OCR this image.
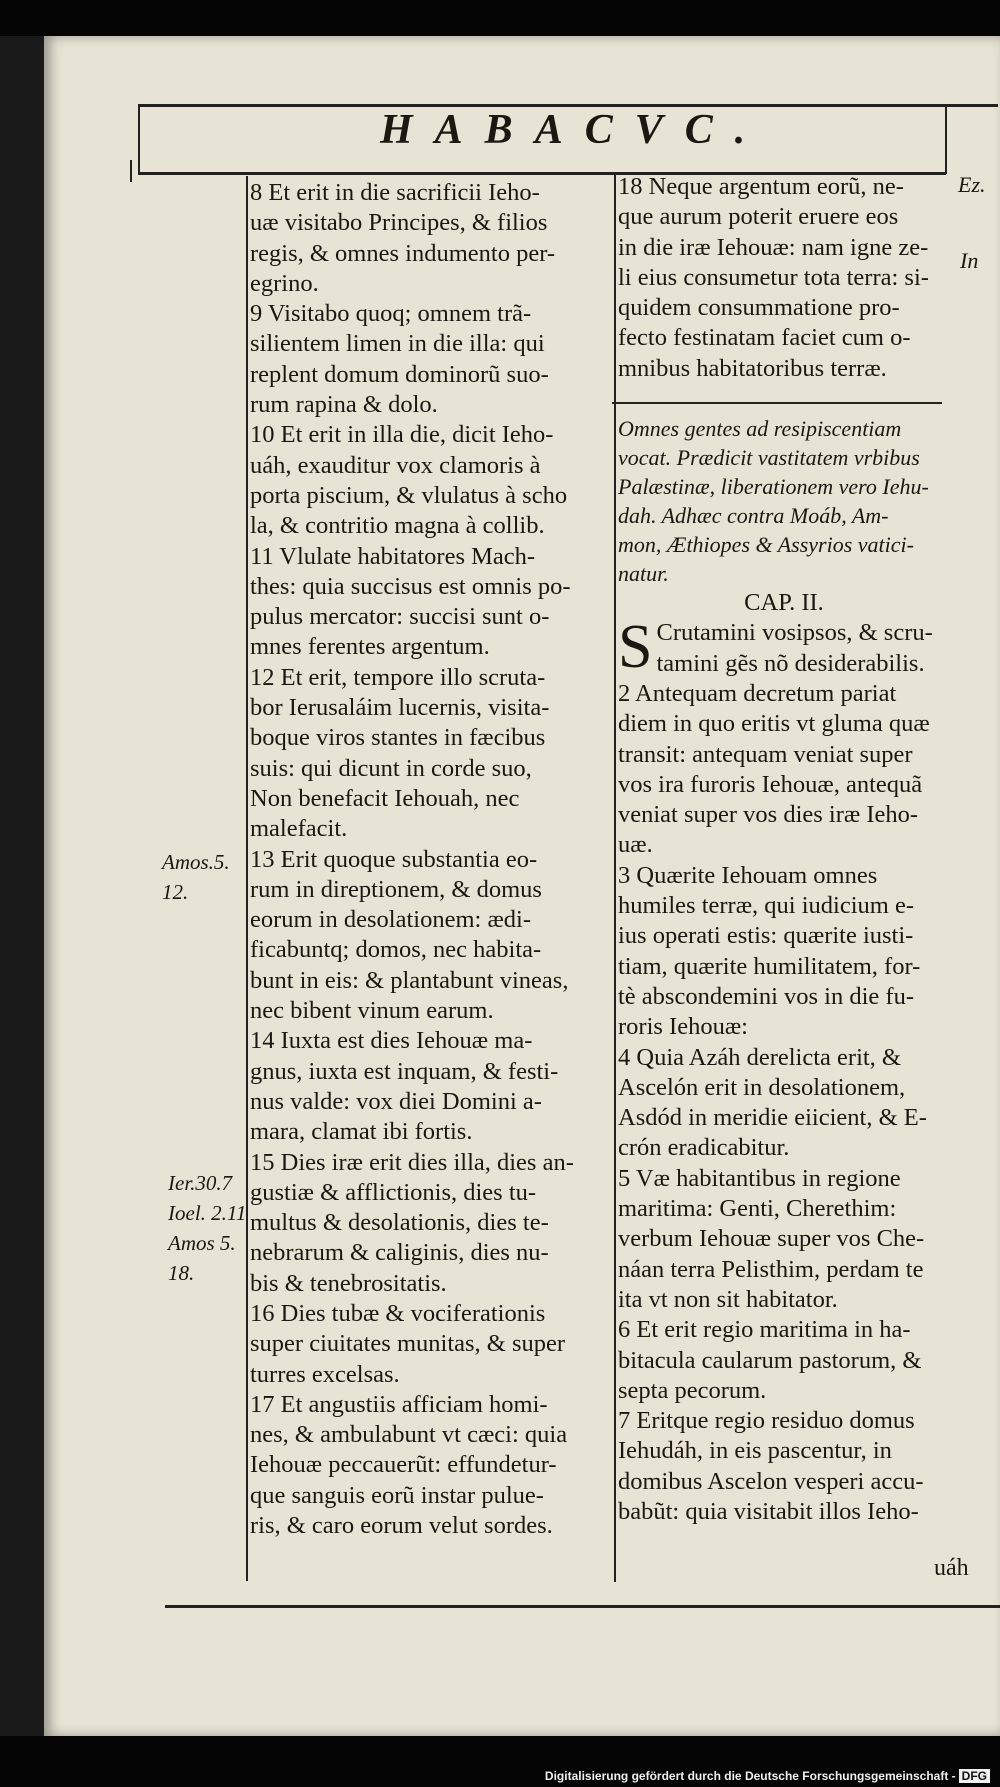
HABACVC.

8 Et erit in die sacrificii Ieho-

uæ visitabo Principes, & filios

regis, & omnes indumento per-

egrino.

9 Visitabo quoq; omnem trã-

silientem limen in die illa: qui

replent domum dominorũ suo-

rum rapina & dolo.

10 Et erit in illa die, dicit Ieho-

uáh, exauditur vox clamoris à

porta piscium, & vlulatus à scho

la, & contritio magna à collib.

11 Vlulate habitatores Mach-

thes: quia succisus est omnis po-

pulus mercator: succisi sunt o-

mnes ferentes argentum.

12 Et erit, tempore illo scruta-

bor Ierusaláim lucernis, visita-

boque viros stantes in fæcibus

suis: qui dicunt in corde suo,

Non benefacit Iehouah, nec

malefacit.

13 Erit quoque substantia eo-

rum in direptionem, & domus

eorum in desolationem: ædi-

ficabuntq; domos, nec habita-

bunt in eis: & plantabunt vineas,

nec bibent vinum earum.

14 Iuxta est dies Iehouæ ma-

gnus, iuxta est inquam, & festi-

nus valde: vox diei Domini a-

mara, clamat ibi fortis.

15 Dies iræ erit dies illa, dies an-

gustiæ & afflictionis, dies tu-

multus & desolationis, dies te-

nebrarum & caliginis, dies nu-

bis & tenebrositatis.

16 Dies tubæ & vociferationis

super ciuitates munitas, & super

turres excelsas.

17 Et angustiis afficiam homi-

nes, & ambulabunt vt cæci: quia

Iehouæ peccauerũt: effundetur-

que sanguis eorũ instar pulue-

ris, & caro eorum velut sordes.

18 Neque argentum eorũ, ne-

que aurum poterit eruere eos

in die iræ Iehouæ: nam igne ze-

li eius consumetur tota terra: si-

quidem consummatione pro-

fecto festinatam faciet cum o-

mnibus habitatoribus terræ.

Omnes gentes ad resipiscentiam

vocat. Prædicit vastitatem vrbibus

Palæstinæ, liberationem vero Iehu-

dah. Adhæc contra Moáb, Am-

mon, Æthiopes & Assyrios vatici-

natur.

CAP. II.

S Crutamini vosipsos, & scru-

tamini gẽs nõ desiderabilis.

2 Antequam decretum pariat

diem in quo eritis vt gluma quæ

transit: antequam veniat super

vos ira furoris Iehouæ, antequã

veniat super vos dies iræ Ieho-

uæ.

3 Quærite Iehouam omnes

humiles terræ, qui iudicium e-

ius operati estis: quærite iusti-

tiam, quærite humilitatem, for-

tè abscondemini vos in die fu-

roris Iehouæ:

4 Quia Azáh derelicta erit, &

Ascelón erit in desolationem,

Asdód in meridie eiicient, & E-

crón eradicabitur.

5 Væ habitantibus in regione

maritima: Genti, Cherethim:

verbum Iehouæ super vos Che-

náan terra Pelisthim, perdam te

ita vt non sit habitator.

6 Et erit regio maritima in ha-

bitacula caularum pastorum, &

septa pecorum.

7 Eritque regio residuo domus

Iehudáh, in eis pascentur, in

domibus Ascelon vesperi accu-

babũt: quia visitabit illos Ieho-

uáh
Amos.5.
12.
Ier.30.7
Ioel. 2.11
Amos 5.
18.
Ez.
In
Digitalisierung gefördert durch die Deutsche Forschungsgemeinschaft - DFG
